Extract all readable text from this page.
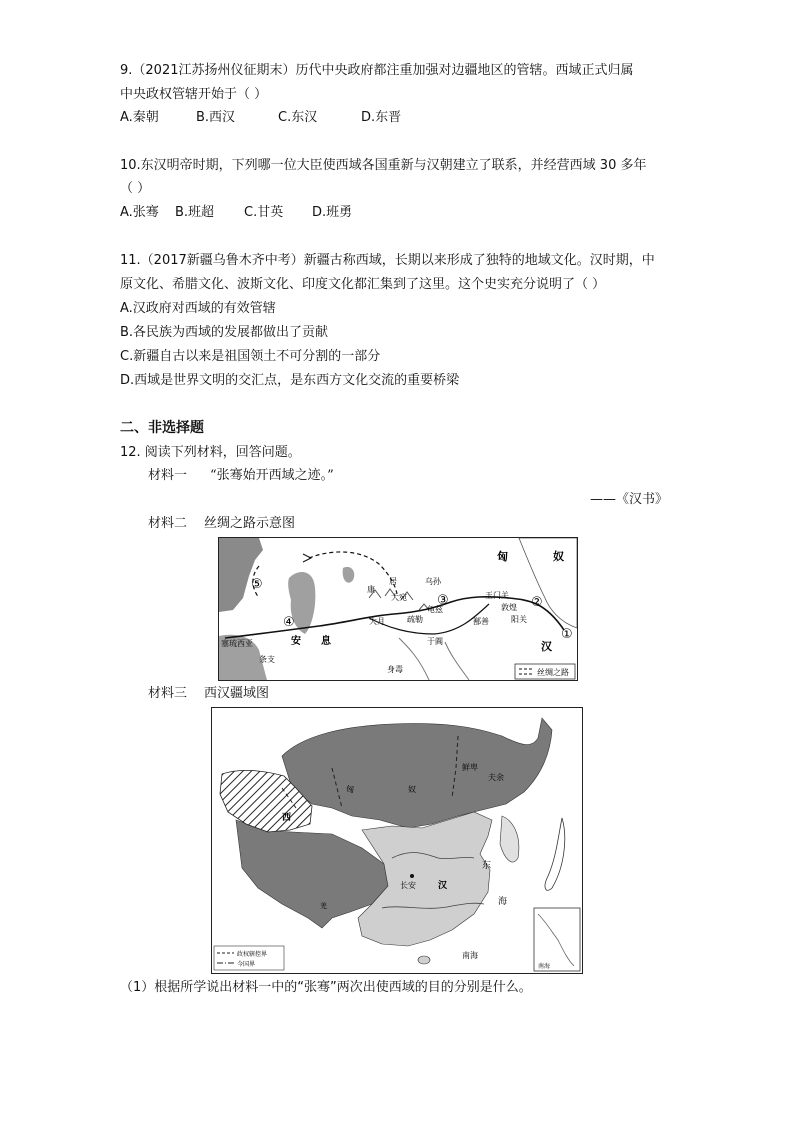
9.（2021江苏扬州仪征期末）历代中央政府都注重加强对边疆地区的管辖。西域正式归属
中央政权管辖开始于（ ）
A.秦朝	B.西汉	C.东汉	D.东晋
10.东汉明帝时期，下列哪一位大臣使西域各国重新与汉朝建立了联系，并经营西域 30 多年
（ ）
A.张骞 B.班超 C.甘英 D.班勇
11.（2017新疆乌鲁木齐中考）新疆古称西域，长期以来形成了独特的地域文化。汉时期，中
原文化、希腊文化、波斯文化、印度文化都汇集到了这里。这个史实充分说明了（ ）
A.汉政府对西域的有效管辖
B.各民族为西域的发展都做出了贡献
C.新疆自古以来是祖国领土不可分割的一部分
D.西域是世界文明的交汇点，是东西方文化交流的重要桥梁
二、非选择题
12. 阅读下列材料，回答问题。
材料一 “张骞始开西域之迹。”
——《汉书》
材料二 丝绸之路示意图
⑤
④
③	②
①
匈	奴
玉门关
敦煌
阳关
汉
康
居
大宛
乌孙
疏勒
龟兹
鄯善
于阗
大月
安 息
塞琉西亚
条支
身毒	丝绸之路
材料三 西汉疆域图
匈	奴
鲜卑
夫余
西
长安 汉
东
海
南海
羌
政权辖控界
今国界	南海
（1）根据所学说出材料一中的“张骞”两次出使西域的目的分别是什么。
